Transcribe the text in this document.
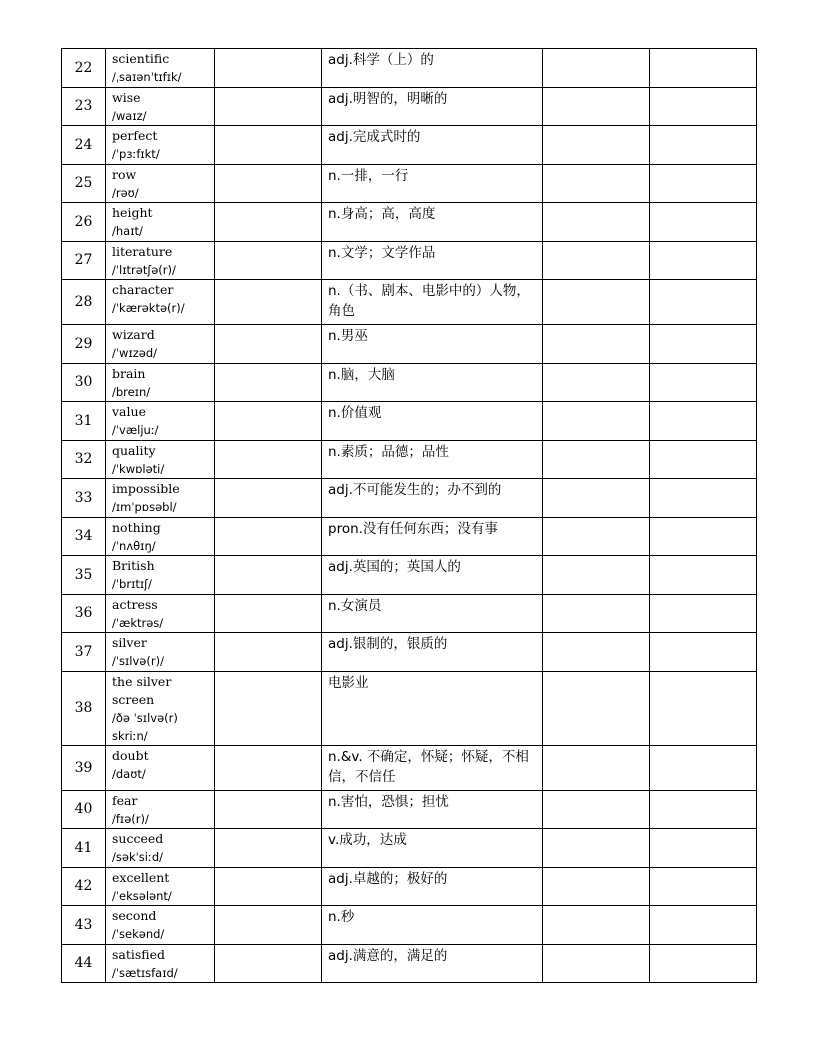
22	scientific
/ˌsaɪənˈtɪfɪk/		adj.科学（上）的		
23	wise
/waɪz/		adj.明智的，明晰的		
24	perfect
/ˈpɜːfɪkt/		adj.完成式时的		
25	row
/rəʊ/		n.一排，一行		
26	height
/haɪt/		n.身高；高，高度		
27	literature
/ˈlɪtrətʃə(r)/		n.文学；文学作品		
28	character
/ˈkærəktə(r)/		n.（书、剧本、电影中的）人物，角色		
29	wizard
/ˈwɪzəd/		n.男巫		
30	brain
/breɪn/		n.脑，大脑		
31	value
/ˈvæljuː/		n.价值观		
32	quality
/ˈkwɒləti/		n.素质；品德；品性		
33	impossible
/ɪmˈpɒsəbl/		adj.不可能发生的；办不到的		
34	nothing
/ˈnʌθɪŋ/		pron.没有任何东西；没有事		
35	British
/ˈbrɪtɪʃ/		adj.英国的；英国人的		
36	actress
/ˈæktrəs/		n.女演员		
37	silver
/ˈsɪlvə(r)/		adj.银制的，银质的		
38	the silver screen
/ðə ˈsɪlvə(r) skriːn/		电影业		
39	doubt
/daʊt/		n.&v. 不确定，怀疑；怀疑，不相信，不信任		
40	fear
/fɪə(r)/		n.害怕，恐惧；担忧		
41	succeed
/səkˈsiːd/		v.成功，达成		
42	excellent
/ˈeksələnt/		adj.卓越的；极好的		
43	second
/ˈsekənd/		n.秒		
44	satisfied
/ˈsætɪsfaɪd/		adj.满意的，满足的		
